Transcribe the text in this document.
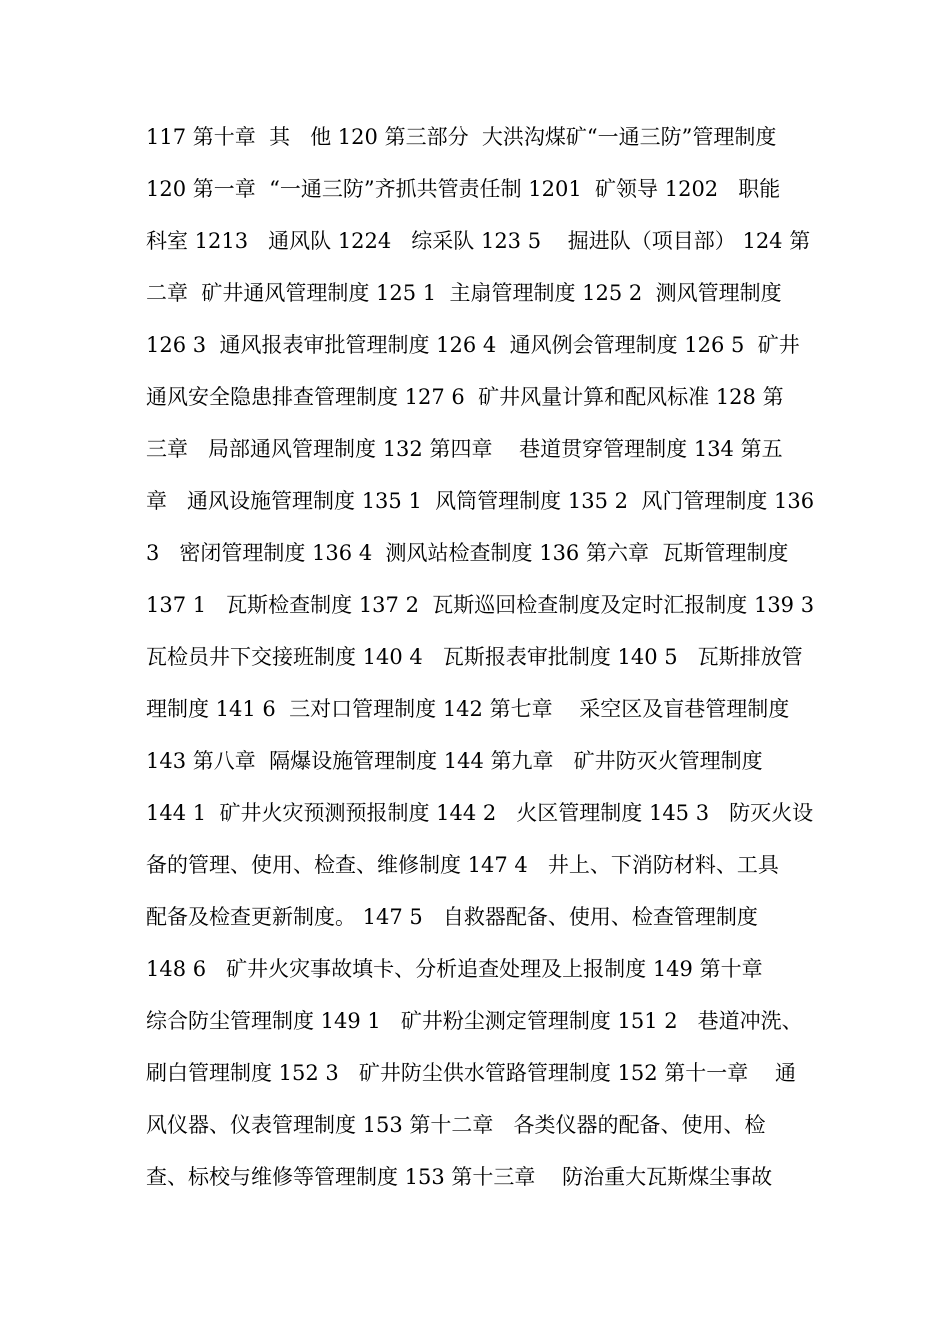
117 第十章  其   他 120 第三部分  大洪沟煤矿“一通三防”管理制度
120 第一章  “一通三防”齐抓共管责任制 1201  矿领导 1202   职能
科室 1213   通风队 1224   综采队 123 5    掘进队（项目部） 124 第
二章  矿井通风管理制度 125 1  主扇管理制度 125 2  测风管理制度
126 3  通风报表审批管理制度 126 4  通风例会管理制度 126 5  矿井
通风安全隐患排查管理制度 127 6  矿井风量计算和配风标准 128 第
三章   局部通风管理制度 132 第四章    巷道贯穿管理制度 134 第五
章   通风设施管理制度 135 1  风筒管理制度 135 2  风门管理制度 136
3   密闭管理制度 136 4  测风站检查制度 136 第六章  瓦斯管理制度
137 1   瓦斯检查制度 137 2  瓦斯巡回检查制度及定时汇报制度 139 3
瓦检员井下交接班制度 140 4   瓦斯报表审批制度 140 5   瓦斯排放管
理制度 141 6  三对口管理制度 142 第七章    采空区及盲巷管理制度
143 第八章  隔爆设施管理制度 144 第九章   矿井防灭火管理制度
144 1  矿井火灾预测预报制度 144 2   火区管理制度 145 3   防灭火设
备的管理、使用、检查、维修制度 147 4   井上、下消防材料、工具
配备及检查更新制度。 147 5   自救器配备、使用、检查管理制度
148 6   矿井火灾事故填卡、分析追查处理及上报制度 149 第十章
综合防尘管理制度 149 1   矿井粉尘测定管理制度 151 2   巷道冲洗、
刷白管理制度 152 3   矿井防尘供水管路管理制度 152 第十一章    通
风仪器、仪表管理制度 153 第十二章   各类仪器的配备、使用、检
查、标校与维修等管理制度 153 第十三章    防治重大瓦斯煤尘事故
